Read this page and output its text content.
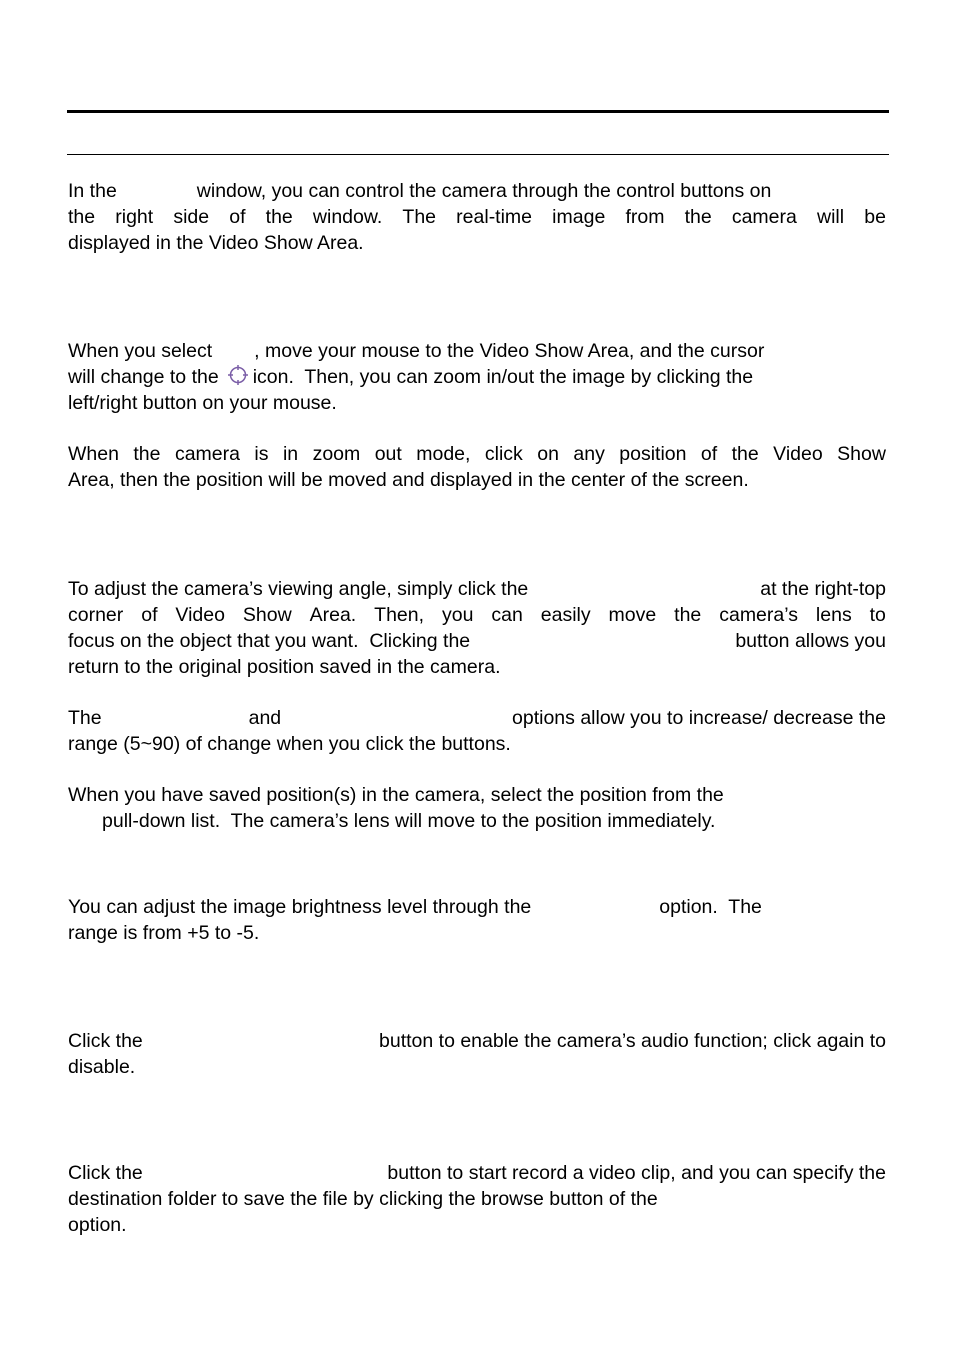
In the	window, you can control the camera through the control buttons on
the right side of the window. The real-time image from the camera will be
displayed in the Video Show Area.
When you select , move your mouse to the Video Show Area, and the cursor
will change to the icon.  Then, you can zoom in/out the image by clicking the
left/right button on your mouse.
When the camera is in zoom out mode, click on any position of the Video Show
Area, then the position will be moved and displayed in the center of the screen.
To adjust the camera’s viewing angle, simply click the	at the right-top
corner of Video Show Area. Then, you can easily move the camera’s lens to
focus on the object that you want.  Clicking the	button allows you
return to the original position saved in the camera.
The	and	options allow you to increase/ decrease the
range (5~90) of change when you click the buttons.
When you have saved position(s) in the camera, select the position from the
pull-down list.  The camera’s lens will move to the position immediately.
You can adjust the image brightness level through the	option.  The
range is from +5 to -5.
Click the	button to enable the camera’s audio function; click again to
disable.
Click the	button to start record a video clip, and you can specify the
destination folder to save the file by clicking the browse button of the
option.
